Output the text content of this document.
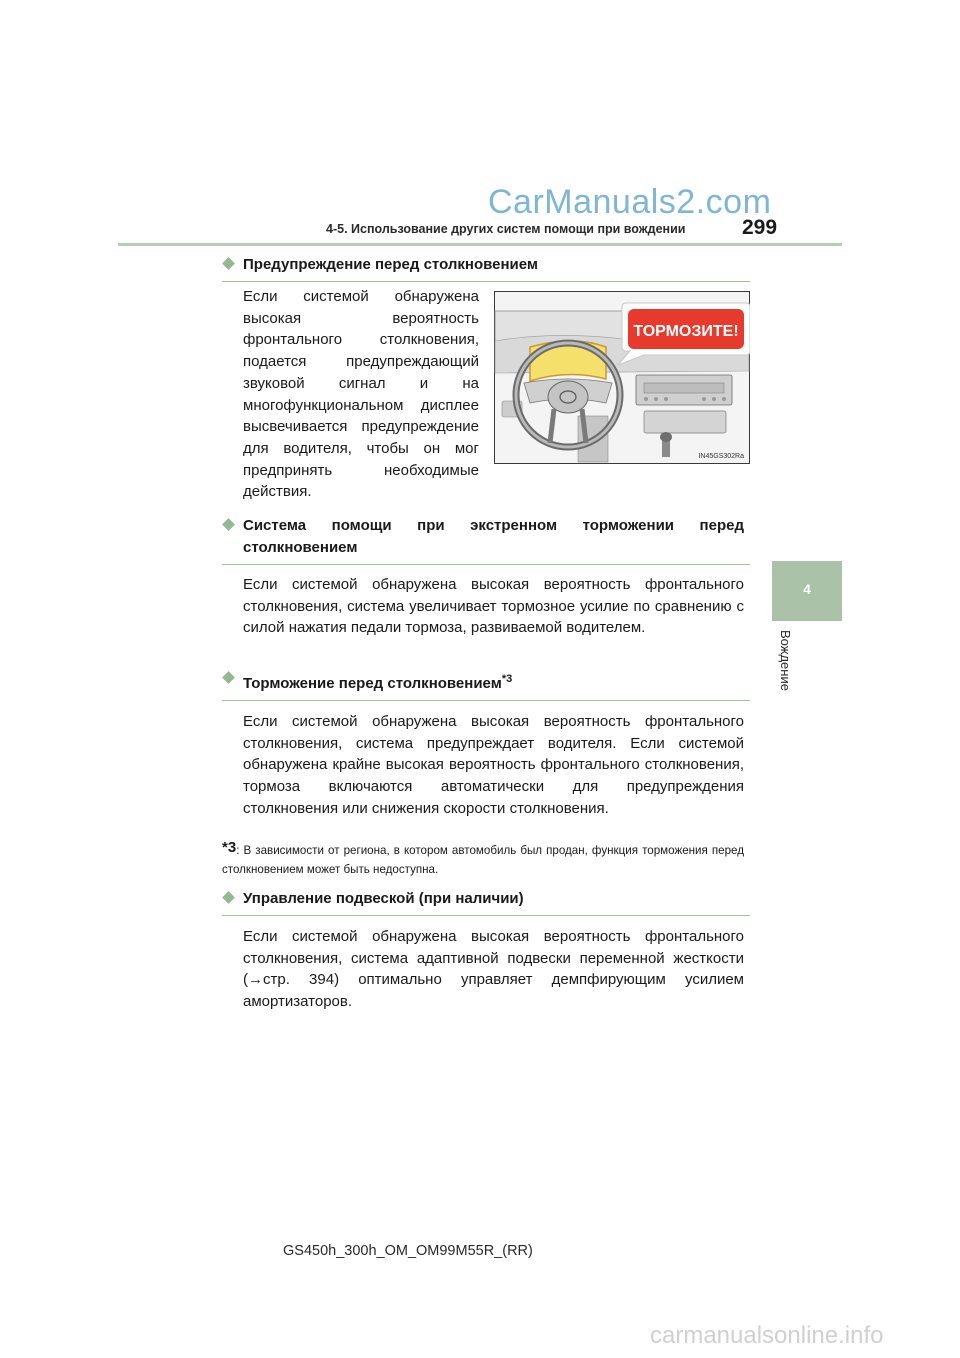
CarManuals2.com
4-5. Использование других систем помощи при вождении	299
4
Вождение
Предупреждение перед столкновением
Если системой обнаружена высокая вероятность фронтального столкновения, подается предупреждающий звуковой сигнал и на многофункциональном дисплее высвечивается предупреждение для водителя, чтобы он мог предпринять необходимые действия.
ТОРМОЗИТЕ!
IN45GS302Ra
Система помощи при экстренном торможении перед столкновением
Если системой обнаружена высокая вероятность фронтального столкновения, система увеличивает тормозное усилие по сравнению с силой нажатия педали тормоза, развиваемой водителем.
Торможение перед столкновением$^{*3}$
Если системой обнаружена высокая вероятность фронтального столкновения, система предупреждает водителя. Если системой обнаружена крайне высокая вероятность фронтального столкновения, тормоза включаются автоматически для предупреждения столкновения или снижения скорости столкновения.
*3: В зависимости от региона, в котором автомобиль был продан, функция торможения перед столкновением может быть недоступна.
Управление подвеской (при наличии)
Если системой обнаружена высокая вероятность фронтального столкновения, система адаптивной подвески переменной жесткости (→стр. 394) оптимально управляет демпфирующим усилием амортизаторов.
GS450h_300h_OM_OM99M55R_(RR)
carmanualsonline.info
